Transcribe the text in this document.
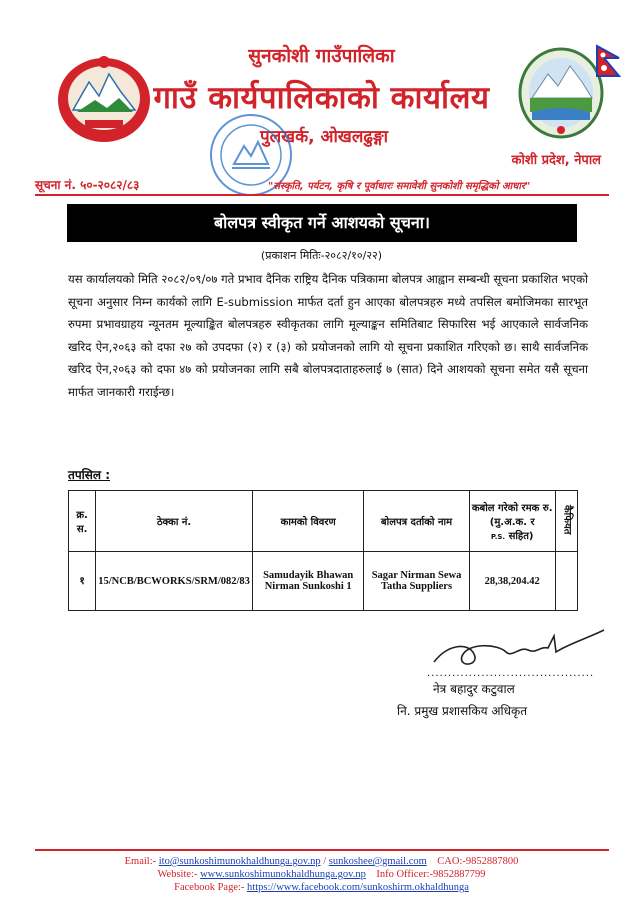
सुनकोशी गाउँपालिका
गाउँ कार्यपालिकाको कार्यालय
पुलखर्क, ओखलढुङ्गा
कोशी प्रदेश, नेपाल
सूचना नं. ५०-२०८२/८३	"संस्कृति, पर्यटन, कृषि र पूर्वाधारः समावेशी सुनकोशी समृद्धिको आधार"
बोलपत्र स्वीकृत गर्ने आशयको सूचना।
(प्रकाशन मितिः-२०८२/१०/२२)
यस कार्यालयको मिति २०८२/०९/०७ गते प्रभाव दैनिक राष्ट्रिय दैनिक पत्रिकामा बोलपत्र आह्वान सम्बन्धी सूचना प्रकाशित भएको सूचना अनुसार निम्न कार्यको लागि E-submission मार्फत दर्ता हुन आएका बोलपत्रहरु मध्ये तपसिल बमोजिमका सारभूत रुपमा प्रभावग्राहय न्यूनतम मूल्याङ्कित बोलपत्रहरु स्वीकृतका लागि मूल्याङ्कन समितिबाट सिफारिस भई आएकाले सार्वजनिक खरिद ऐन,२०६३ को दफा २७ को उपदफा (२) र (३) को प्रयोजनको लागि यो सूचना प्रकाशित गरिएको छ। साथै सार्वजनिक खरिद ऐन,२०६३ को दफा ४७ को प्रयोजनका लागि सबै बोलपत्रदाताहरुलाई ७ (सात) दिने आशयको सूचना समेत यसै सूचना मार्फत जानकारी गराईन्छ।
तपसिल :
क्र. स.	ठेक्का नं.	कामको विवरण	बोलपत्र दर्ताको नाम	कबोल गरेको रमक रु. (मु.अ.क. र
P.S. सहित)	कैफियत
१	15/NCB/BCWORKS/SRM/082/83	Samudayik Bhawan Nirman Sunkoshi 1	Sagar Nirman Sewa Tatha Suppliers	28,38,204.42	
........................................
नेत्र बहादुर कटुवाल
नि. प्रमुख प्रशासकिय अधिकृत
Email:- ito@sunkoshimunokhaldhunga.gov.np / sunkoshee@gmail.com CAO:-9852887800
Website:- www.sunkoshimunokhaldhunga.gov.np Info Officer:-9852887799
Facebook Page:- https://www.facebook.com/sunkoshirm.okhaldhunga
